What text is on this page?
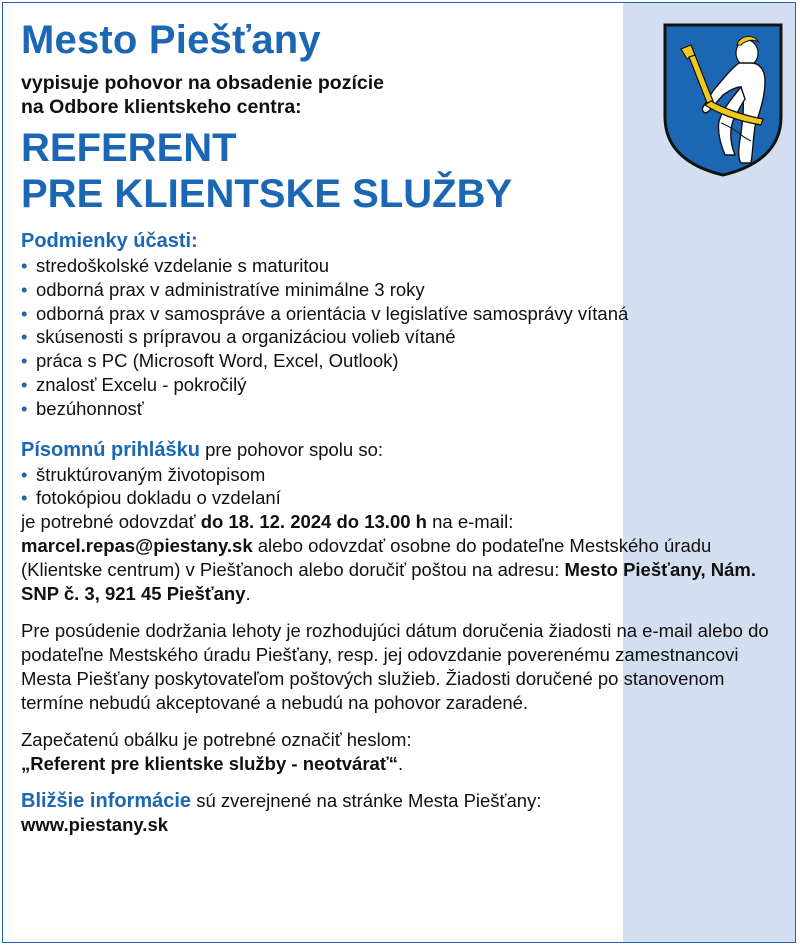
Mesto Piešťany
vypisuje pohovor na obsadenie pozície
na Odbore klientskeho centra:
REFERENT
PRE KLIENTSKE SLUŽBY
Podmienky účasti:
• stredoškolské vzdelanie s maturitou
• odborná prax v administratíve minimálne 3 roky
• odborná prax v samospráve a orientácia v legislatíve samosprávy vítaná
• skúsenosti s prípravou a organizáciou volieb vítané
• práca s PC (Microsoft Word, Excel, Outlook)
• znalosť Excelu - pokročilý
• bezúhonnosť
Písomnú prihlášku pre pohovor spolu so:
• štruktúrovaným životopisom
• fotokópiou dokladu o vzdelaní
je potrebné odovzdať do 18. 12. 2024 do 13.00 h na e-mail:
marcel.repas@piestany.sk alebo odovzdať osobne do podateľne Mestského úradu (Klientske centrum) v Piešťanoch alebo doručiť poštou na adresu: Mesto Piešťany, Nám. SNP č. 3, 921 45 Piešťany.
Pre posúdenie dodržania lehoty je rozhodujúci dátum doručenia žiadosti na e-mail alebo do podateľne Mestského úradu Piešťany, resp. jej odovzdanie poverenému zamestnancovi Mesta Piešťany poskytovateľom poštových služieb. Žiadosti doručené po stanovenom termíne nebudú akceptované a nebudú na pohovor zaradené.
Zapečatenú obálku je potrebné označiť heslom:
„Referent pre klientske služby - neotvárať“.
Bližšie informácie sú zverejnené na stránke Mesta Piešťany:
www.piestany.sk
